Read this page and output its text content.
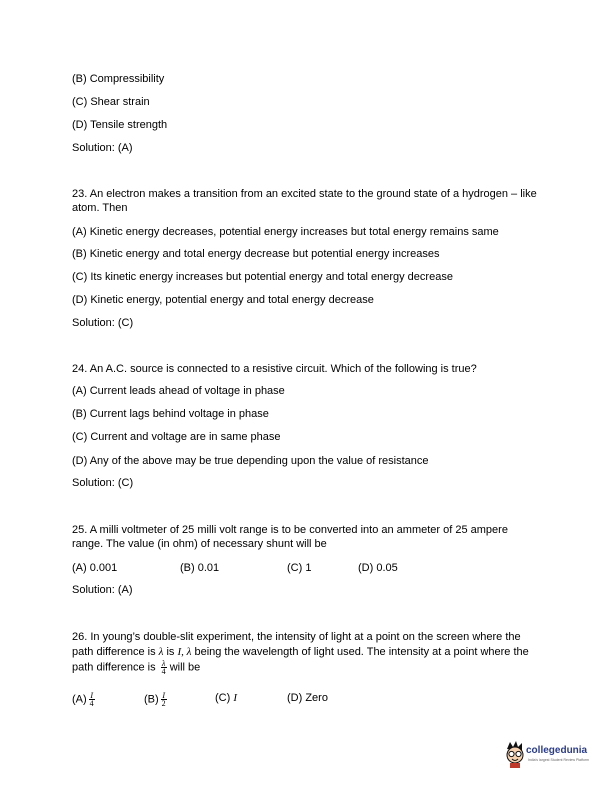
(B) Compressibility
(C) Shear strain
(D) Tensile strength
Solution: (A)
23. An electron makes a transition from an excited state to the ground state of a hydrogen – like atom. Then
(A) Kinetic energy decreases, potential energy increases but total energy remains same
(B) Kinetic energy and total energy decrease but potential energy increases
(C) Its kinetic energy increases but potential energy and total energy decrease
(D) Kinetic energy, potential energy and total energy decrease
Solution: (C)
24. An A.C. source is connected to a resistive circuit. Which of the following is true?
(A) Current leads ahead of voltage in phase
(B) Current lags behind voltage in phase
(C) Current and voltage are in same phase
(D) Any of the above may be true depending upon the value of resistance
Solution: (C)
25. A milli voltmeter of 25 milli volt range is to be converted into an ammeter of 25 ampere range. The value (in ohm) of necessary shunt will be
(A) 0.001	(B) 0.01	(C) 1	(D) 0.05
Solution: (A)
26. In young’s double-slit experiment, the intensity of light at a point on the screen where the path difference is λ is I, λ being the wavelength of light used. The intensity at a point where the path difference is $\frac{\lambda}{4}$ will be
$(A) \frac{I}{4}$	$(B) \frac{I}{2}$	(C) I	(D) Zero
collegedunia
India's largest Student Review Platform
